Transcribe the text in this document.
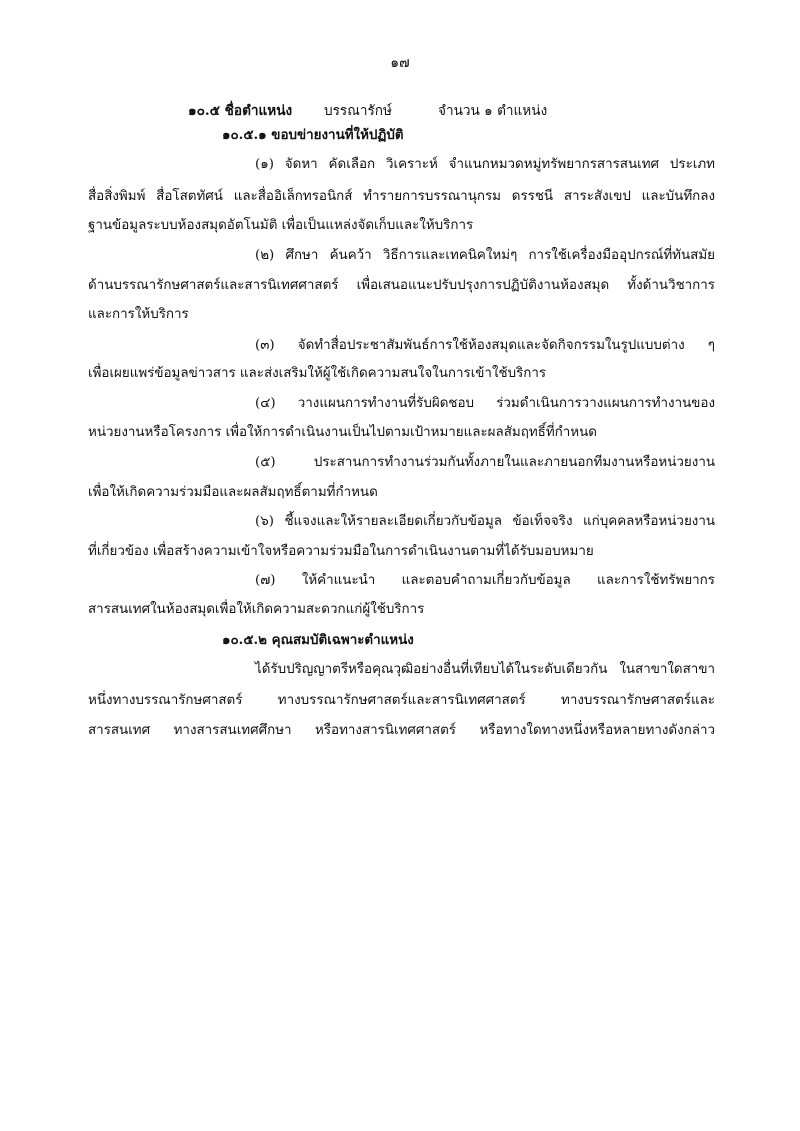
๑๗
๑๐.๕ ชื่อตำแหน่ง บรรณารักษ์	จำนวน ๑ ตำแหน่ง
๑๐.๕.๑ ขอบข่ายงานที่ให้ปฏิบัติ
(๑) จัดหา คัดเลือก วิเคราะห์ จำแนกหมวดหมู่ทรัพยากรสารสนเทศ ประเภท
สื่อสิ่งพิมพ์ สื่อโสตทัศน์ และสื่ออิเล็กทรอนิกส์ ทำรายการบรรณานุกรม ดรรชนี สาระสังเขป และบันทึกลง
ฐานข้อมูลระบบห้องสมุดอัตโนมัติ เพื่อเป็นแหล่งจัดเก็บและให้บริการ
(๒) ศึกษา ค้นคว้า วิธีการและเทคนิคใหม่ๆ การใช้เครื่องมืออุปกรณ์ที่ทันสมัย
ด้านบรรณารักษศาสตร์และสารนิเทศศาสตร์ เพื่อเสนอแนะปรับปรุงการปฏิบัติงานห้องสมุด ทั้งด้านวิชาการ
และการให้บริการ
(๓) จัดทำสื่อประชาสัมพันธ์การใช้ห้องสมุดและจัดกิจกรรมในรูปแบบต่าง ๆ
เพื่อเผยแพร่ข้อมูลข่าวสาร และส่งเสริมให้ผู้ใช้เกิดความสนใจในการเข้าใช้บริการ
(๔) วางแผนการทำงานที่รับผิดชอบ ร่วมดำเนินการวางแผนการทำงานของ
หน่วยงานหรือโครงการ เพื่อให้การดำเนินงานเป็นไปตามเป้าหมายและผลสัมฤทธิ์ที่กำหนด
(๕) ประสานการทำงานร่วมกันทั้งภายในและภายนอกทีมงานหรือหน่วยงาน
เพื่อให้เกิดความร่วมมือและผลสัมฤทธิ์ตามที่กำหนด
(๖) ชี้แจงและให้รายละเอียดเกี่ยวกับข้อมูล ข้อเท็จจริง แก่บุคคลหรือหน่วยงาน
ที่เกี่ยวข้อง เพื่อสร้างความเข้าใจหรือความร่วมมือในการดำเนินงานตามที่ได้รับมอบหมาย
(๗) ให้คำแนะนำ และตอบคำถามเกี่ยวกับข้อมูล และการใช้ทรัพยากร
สารสนเทศในห้องสมุดเพื่อให้เกิดความสะดวกแก่ผู้ใช้บริการ
๑๐.๕.๒ คุณสมบัติเฉพาะตำแหน่ง
ได้รับปริญญาตรีหรือคุณวุฒิอย่างอื่นที่เทียบได้ในระดับเดียวกัน ในสาขาใดสาขา
หนึ่งทางบรรณารักษศาสตร์ ทางบรรณารักษศาสตร์และสารนิเทศศาสตร์ ทางบรรณารักษศาสตร์และ
สารสนเทศ ทางสารสนเทศศึกษา หรือทางสารนิเทศศาสตร์ หรือทางใดทางหนึ่งหรือหลายทางดังกล่าว
